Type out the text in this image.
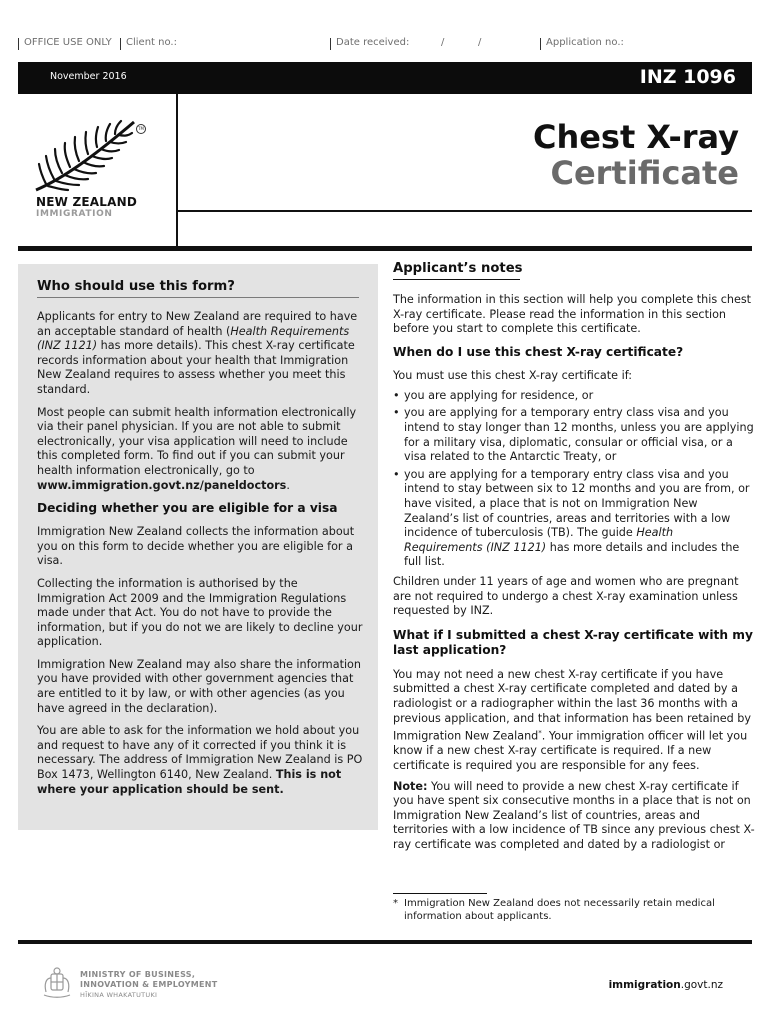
OFFICE USE ONLY Client no.:	Date received:	/	/	Application no.:
November 2016	INZ 1096
TM
NEW ZEALAND
IMMIGRATION
Chest X-ray
Certificate

Who should use this form?

Applicants for entry to New Zealand are required to have an acceptable standard of health (Health Requirements (INZ 1121) has more details). This chest X-ray certificate records information about your health that Immigration New Zealand requires to assess whether you meet this standard.

Most people can submit health information electronically via their panel physician. If you are not able to submit electronically, your visa application will need to include this completed form. To find out if you can submit your health information electronically, go to www.immigration.govt.nz/paneldoctors.

Deciding whether you are eligible for a visa

Immigration New Zealand collects the information about you on this form to decide whether you are eligible for a visa.

Collecting the information is authorised by the Immigration Act 2009 and the Immigration Regulations made under that Act. You do not have to provide the information, but if you do not we are likely to decline your application.

Immigration New Zealand may also share the information you have provided with other government agencies that are entitled to it by law, or with other agencies (as you have agreed in the declaration).

You are able to ask for the information we hold about you and request to have any of it corrected if you think it is necessary. The address of Immigration New Zealand is PO Box 1473, Wellington 6140, New Zealand. This is not where your application should be sent.

Applicant’s notes

The information in this section will help you complete this chest X-ray certificate. Please read the information in this section before you start to complete this certificate.

When do I use this chest X-ray certificate?

You must use this chest X-ray certificate if:

• you are applying for residence, or
• you are applying for a temporary entry class visa and you intend to stay longer than 12 months, unless you are applying for a military visa, diplomatic, consular or official visa, or a visa related to the Antarctic Treaty, or
• you are applying for a temporary entry class visa and you intend to stay between six to 12 months and you are from, or have visited, a place that is not on Immigration New Zealand’s list of countries, areas and territories with a low incidence of tuberculosis (TB). The guide Health Requirements (INZ 1121) has more details and includes the full list.

Children under 11 years of age and women who are pregnant are not required to undergo a chest X-ray examination unless requested by INZ.

What if I submitted a chest X-ray certificate with my last application?

You may not need a new chest X-ray certificate if you have submitted a chest X-ray certificate completed and dated by a radiologist or a radiographer within the last 36 months with a previous application, and that information has been retained by Immigration New Zealand*. Your immigration officer will let you know if a new chest X-ray certificate is required. If a new certificate is required you are responsible for any fees.

Note: You will need to provide a new chest X-ray certificate if you have spent six consecutive months in a place that is not on Immigration New Zealand’s list of countries, areas and territories with a low incidence of TB since any previous chest X-ray certificate was completed and dated by a radiologist or

* Immigration New Zealand does not necessarily retain medical information about applicants.
MINISTRY OF BUSINESS,
INNOVATION & EMPLOYMENT
HĪKINA WHAKATUTUKI
immigration.govt.nz
